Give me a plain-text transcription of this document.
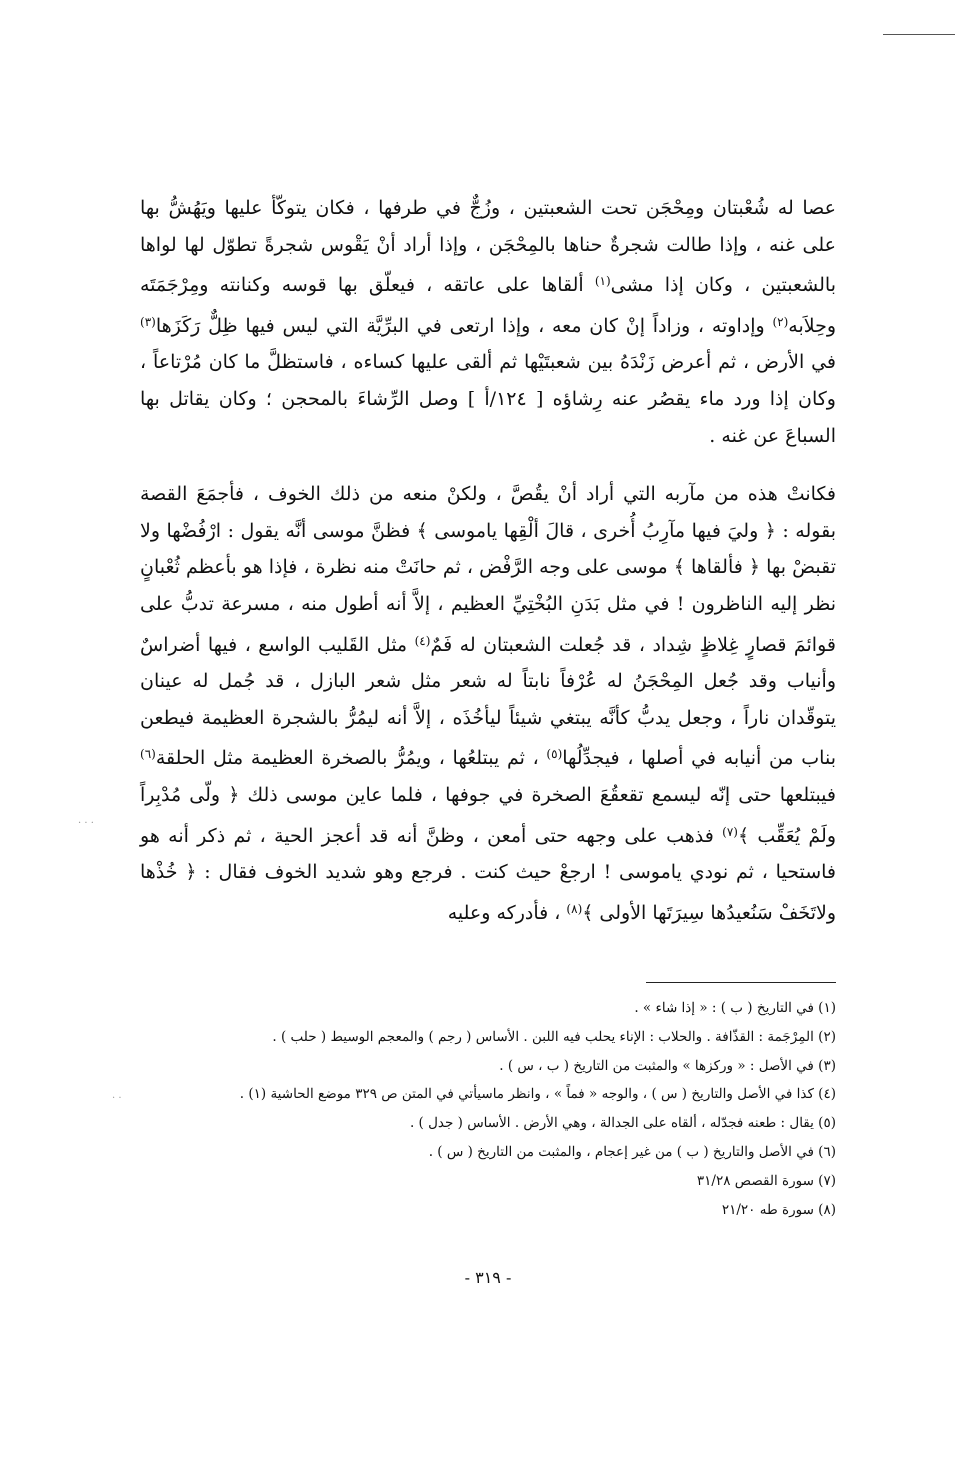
· · ·
. .

عصا له شُعْبتان ومِحْجَن تحت الشعبتين ، وزُجٌّ في طرفها ، فكان يتوكّأ عليها ويَهُشُّ بها على غنه ، وإذا طالت شجرةٌ حناها بالمِحْجَن ، وإذا أراد أنْ يَقْوس شجرةً تطوّل لها لواها بالشعبتين ، وكان إذا مشى$^{(١)}$ ألقاها على عاتقه ، فيعلّق بها قوسه وكنانته ومِرْجَمَتَه وحِلاَبه$^{(٢)}$ وإداوته ، وزاداً إنْ كان معه ، وإذا ارتعى في البرِّيَّة التي ليس فيها ظِلٌّ رَكَزَها$^{(٣)}$ في الأرض ، ثم أعرض زَنْدَهُ بين شعبتَيْها ثم ألقى عليها كساءه ، فاستظلَّ ما كان مُرْتاعاً ، وكان إذا ورد ماء يقصُر عنه رِشاؤه [ ١٢٤/أ ] وصل الرِّشاءَ بالمحجن ؛ وكان يقاتل بها السباعَ عن غنه .

فكانتْ هذه من مآربه التي أراد أنْ يقُصَّ ، ولكنْ منعه من ذلك الخوف ، فأجمَعَ القصة بقوله : ﴿ وليَ فيها مآرِبُ أُخرى ، قالَ ألْقِها ياموسى ﴾ فظنَّ موسى أنَّه يقول : ارْفُضْها ولا تقبضْ بها ﴿ فألقاها ﴾ موسى على وجه الرَّفْض ، ثم حانَتْ منه نظرة ، فإذا هو بأعظم ثُعْبانٍ نظر إليه الناظرون ! في مثل بَدَنِ البُخْتِيِّ العظيم ، إلاَّ أنه أطول منه ، مسرعة تدبُّ على قوائمَ قصارٍ غِلاظٍ شِداد ، قد جُعلت الشعبتان له فَمٌ$^{(٤)}$ مثل القَليب الواسع ، فيها أضراسٌ وأنياب وقد جُعل المِحْجَنُ له عُرْفاً نابتاً له شعر مثل شعر البازل ، قد جُمل له عينان يتوقّدان ناراً ، وجعل يدبُّ كأنَّه يبتغي شيئاً ليأخُذَه ، إلاَّ أنه ليمُرُّ بالشجرة العظيمة فيطعن بناب من أنيابه في أصلها ، فيجدِّلُها$^{(٥)}$ ، ثم يبتلعُها ، ويمُرُّ بالصخرة العظيمة مثل الحلقة$^{(٦)}$ فيبتلعها حتى إنّه ليسمع تقعقُعَ الصخرة في جوفها ، فلما عاين موسى ذلك ﴿ ولّى مُدْبِراً ولَمْ يُعَقِّب ﴾$^{(٧)}$ فذهب على وجهه حتى أمعن ، وظنَّ أنه قد أعجز الحية ، ثم ذكر أنه هو فاستحيا ، ثم نودي ياموسى ! ارجعْ حيث كنت . فرجع وهو شديد الخوف فقال : ﴿ خُذْها ولاتَخَفْ سَنُعيدُها سِيرَتَها الأولى ﴾$^{(٨)}$ ، فأدركه وعليه

(١) في التاريخ ( ب ) : « إذا شاء » .
(٢) المِرْجَمة : القذّافة . والحلاب : الإناء يحلب فيه اللبن . الأساس ( رجم ) والمعجم الوسيط ( حلب ) .
(٣) في الأصل : « وركزها » والمثبت من التاريخ ( ب ، س ) .
(٤) كذا في الأصل والتاريخ ( س ) ، والوجه « فماً » ، وانظر ماسيأتي في المتن ص ٣٢٩ موضع الحاشية (١) .
(٥) يقال : طعنه فجدّله ، ألقاه على الجدالة ، وهي الأرض . الأساس ( جدل ) .
(٦) في الأصل والتاريخ ( ب ) من غير إعجام ، والمثبت من التاريخ ( س ) .
(٧) سورة القصص ٣١/٢٨
(٨) سورة طه ٢١/٢٠
- ٣١٩ -
